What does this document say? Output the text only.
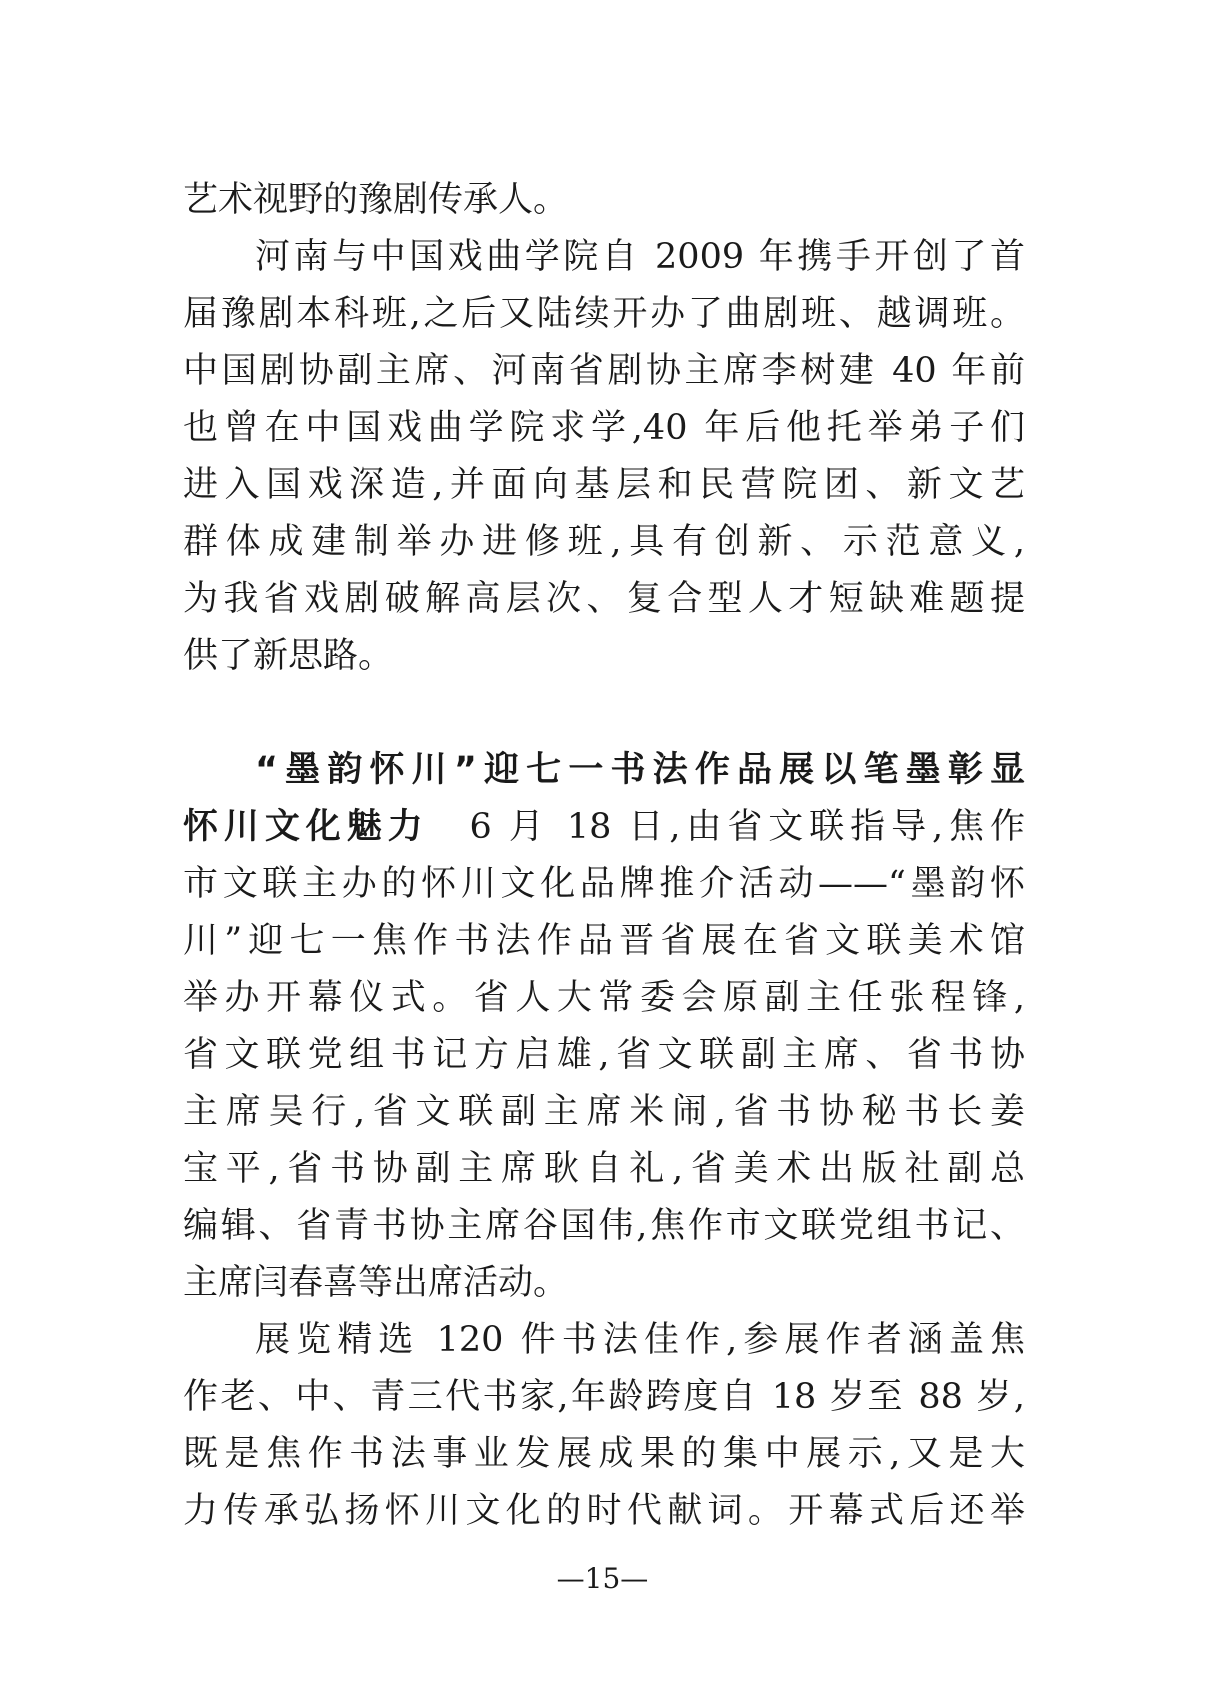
艺术视野的豫剧传承人。
河南与中国戏曲学院自 2009 年携手开创了首
届豫剧本科班,之后又陆续开办了曲剧班、越调班。
中国剧协副主席、河南省剧协主席李树建 40 年前
也曾在中国戏曲学院求学,40 年后他托举弟子们
进入国戏深造,并面向基层和民营院团、新文艺
群体成建制举办进修班,具有创新、示范意义,
为我省戏剧破解高层次、复合型人才短缺难题提
供了新思路。
“墨韵怀川”迎七一书法作品展以笔墨彰显
怀川文化魅力　6 月 18 日,由省文联指导,焦作
市文联主办的怀川文化品牌推介活动——“墨韵怀
川”迎七一焦作书法作品晋省展在省文联美术馆
举办开幕仪式。省人大常委会原副主任张程锋,
省文联党组书记方启雄,省文联副主席、省书协
主席吴行,省文联副主席米闹,省书协秘书长姜
宝平,省书协副主席耿自礼,省美术出版社副总
编辑、省青书协主席谷国伟,焦作市文联党组书记、
主席闫春喜等出席活动。
展览精选 120 件书法佳作,参展作者涵盖焦
作老、中、青三代书家,年龄跨度自 18 岁至 88 岁,
既是焦作书法事业发展成果的集中展示,又是大
力传承弘扬怀川文化的时代献词。开幕式后还举
—15—
